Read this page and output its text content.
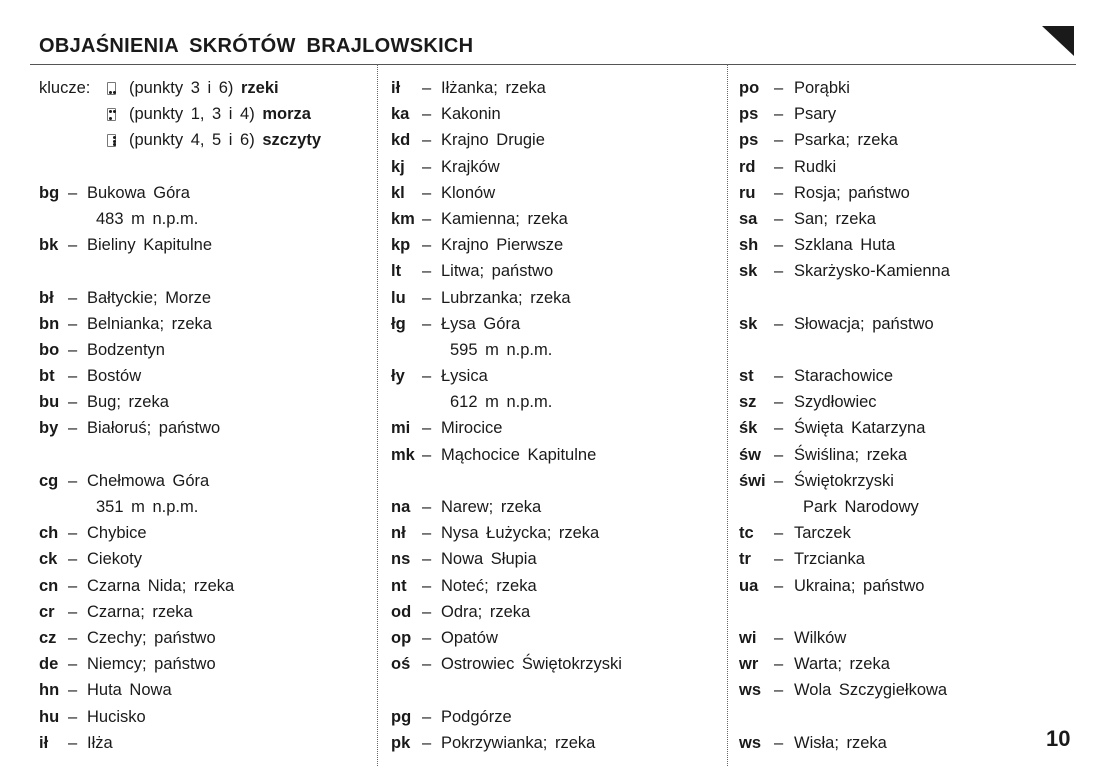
OBJAŚNIENIA SKRÓTÓW BRAJLOWSKICH
klucze: (punkty 3 i 6) rzeki
(punkty 1, 3 i 4) morza
(punkty 4, 5 i 6) szczyty
bg – Bukowa Góra
483 m n.p.m.
bk – Bieliny Kapitulne
bł – Bałtyckie; Morze
bn – Belnianka; rzeka
bo – Bodzentyn
bt – Bostów
bu – Bug; rzeka
by – Białoruś; państwo
cg – Chełmowa Góra
351 m n.p.m.
ch – Chybice
ck – Ciekoty
cn – Czarna Nida; rzeka
cr – Czarna; rzeka
cz – Czechy; państwo
de – Niemcy; państwo
hn – Huta Nowa
hu – Hucisko
ił – Iłża
ił – Iłżanka; rzeka
ka – Kakonin
kd – Krajno Drugie
kj – Krajków
kl – Klonów
km – Kamienna; rzeka
kp – Krajno Pierwsze
lt – Litwa; państwo
lu – Lubrzanka; rzeka
łg – Łysa Góra
595 m n.p.m.
ły – Łysica
612 m n.p.m.
mi – Mirocice
mk – Mąchocice Kapitulne
na – Narew; rzeka
nł – Nysa Łużycka; rzeka
ns – Nowa Słupia
nt – Noteć; rzeka
od – Odra; rzeka
op – Opatów
oś – Ostrowiec Świętokrzyski
pg – Podgórze
pk – Pokrzywianka; rzeka
po – Porąbki
ps – Psary
ps – Psarka; rzeka
rd – Rudki
ru – Rosja; państwo
sa – San; rzeka
sh – Szklana Huta
sk – Skarżysko-Kamienna
sk – Słowacja; państwo
st – Starachowice
sz – Szydłowiec
śk – Święta Katarzyna
św – Świślina; rzeka
świ – Świętokrzyski
Park Narodowy
tc – Tarczek
tr – Trzcianka
ua – Ukraina; państwo
wi – Wilków
wr – Warta; rzeka
ws – Wola Szczygiełkowa
ws – Wisła; rzeka	10
